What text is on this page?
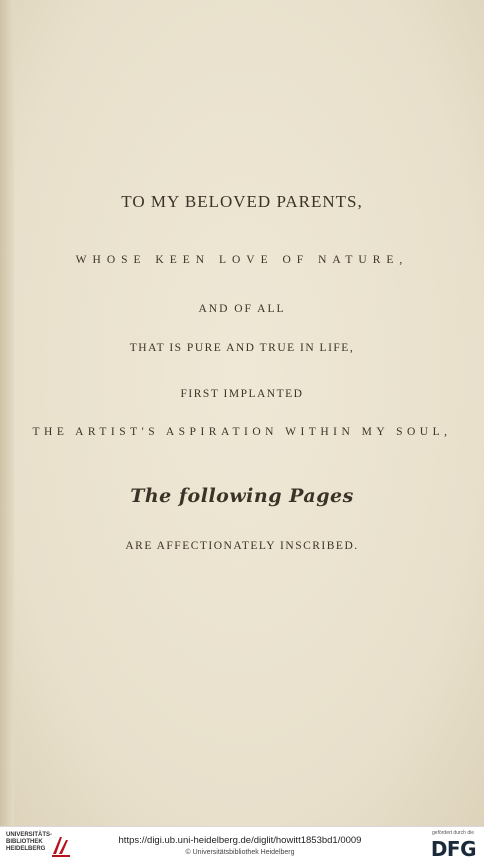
TO MY BELOVED PARENTS,
WHOSE KEEN LOVE OF NATURE,
AND OF ALL
THAT IS PURE AND TRUE IN LIFE,
FIRST IMPLANTED
THE ARTIST'S ASPIRATION WITHIN MY SOUL,
The following Pages
ARE AFFECTIONATELY INSCRIBED.
UNIVERSITÄTS-
BIBLIOTHEK
HEIDELBERG
https://digi.ub.uni-heidelberg.de/diglit/howitt1853bd1/0009
© Universitätsbibliothek Heidelberg
gefördert durch die
DFG
